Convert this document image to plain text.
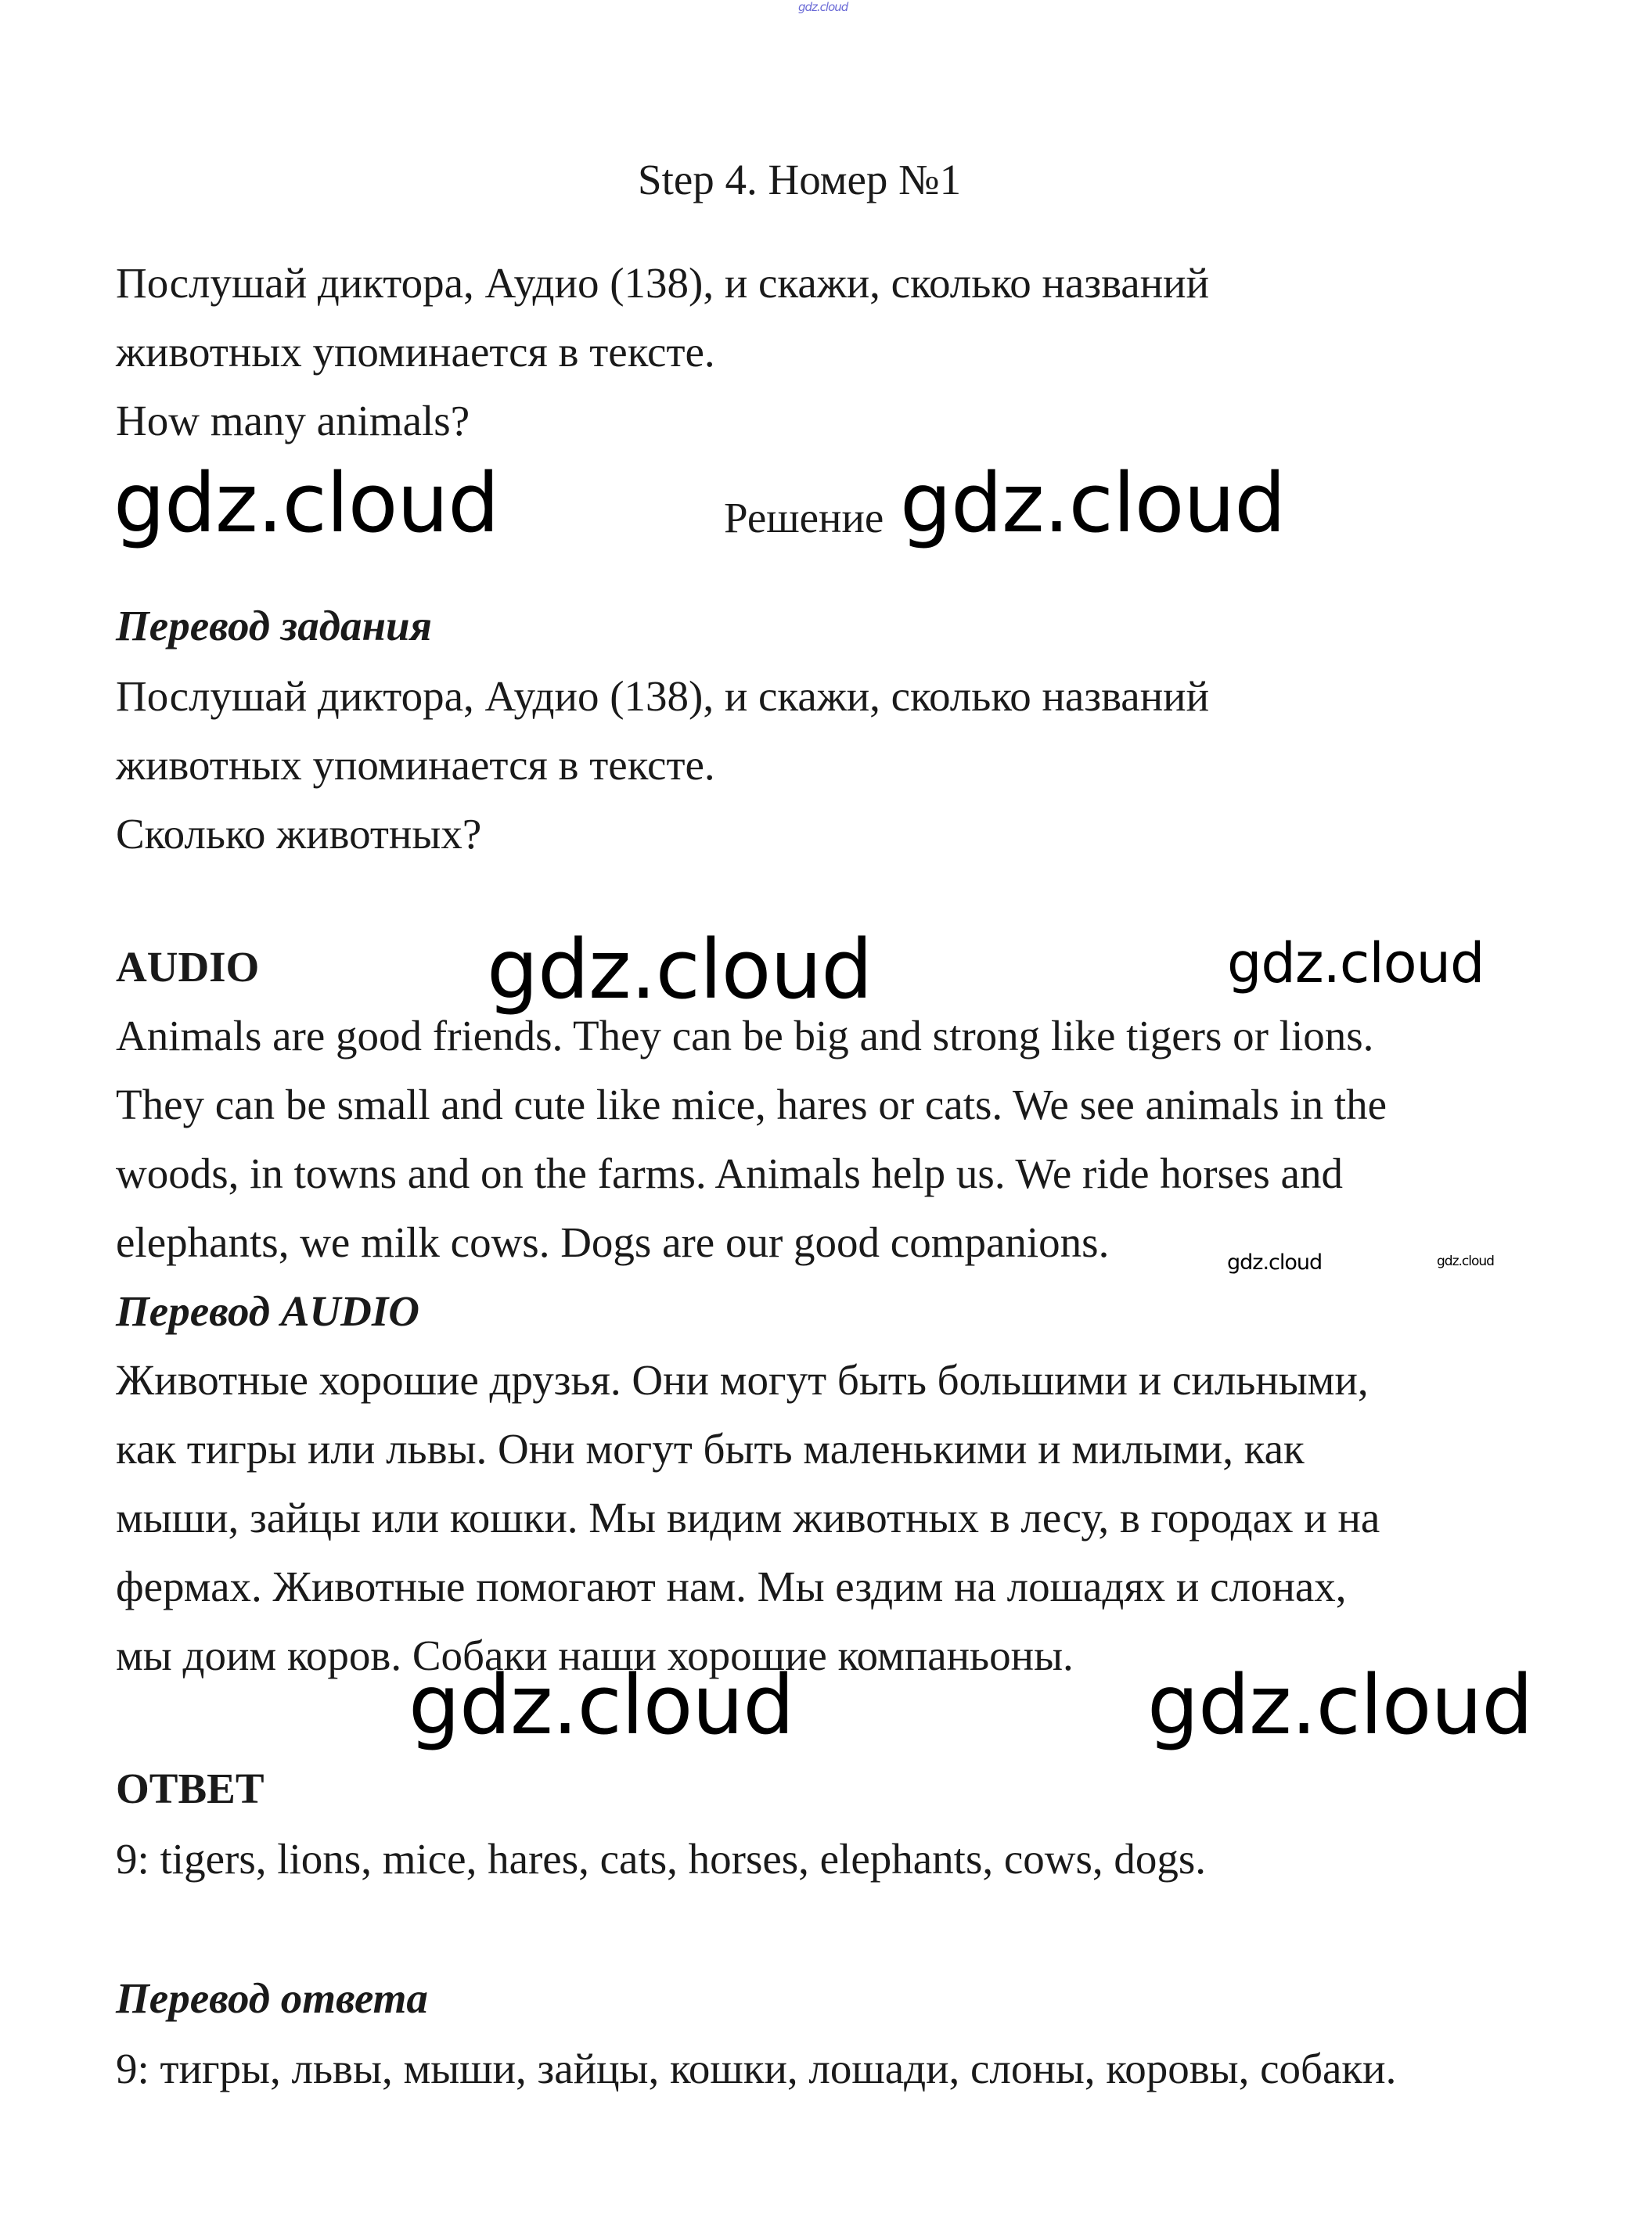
gdz.cloud
Step 4. Номер №1
Послушай диктора, Аудио (138), и скажи, сколько названий
животных упоминается в тексте.
How many animals?
gdz.cloud	Решение gdz.cloud
Перевод задания
Послушай диктора, Аудио (138), и скажи, сколько названий
животных упоминается в тексте.
Сколько животных?
AUDIO	gdz.cloud	gdz.cloud
Animals are good friends. They can be big and strong like tigers or lions.
They can be small and cute like mice, hares or cats. We see animals in the
woods, in towns and on the farms. Animals help us. We ride horses and
elephants, we milk cows. Dogs are our good companions.	gdz.cloud	gdz.cloud
Перевод AUDIO
Животные хорошие друзья. Они могут быть большими и сильными,
как тигры или львы. Они могут быть маленькими и милыми, как
мыши, зайцы или кошки. Мы видим животных в лесу, в городах и на
фермах. Животные помогают нам. Мы ездим на лошадях и слонах,
мы доим коров. Собаки наши хорошие компаньоны.
gdz.cloud	gdz.cloud
ОТВЕТ
9: tigers, lions, mice, hares, cats, horses, elephants, cows, dogs.
Перевод ответа
9: тигры, львы, мыши, зайцы, кошки, лошади, слоны, коровы, собаки.
